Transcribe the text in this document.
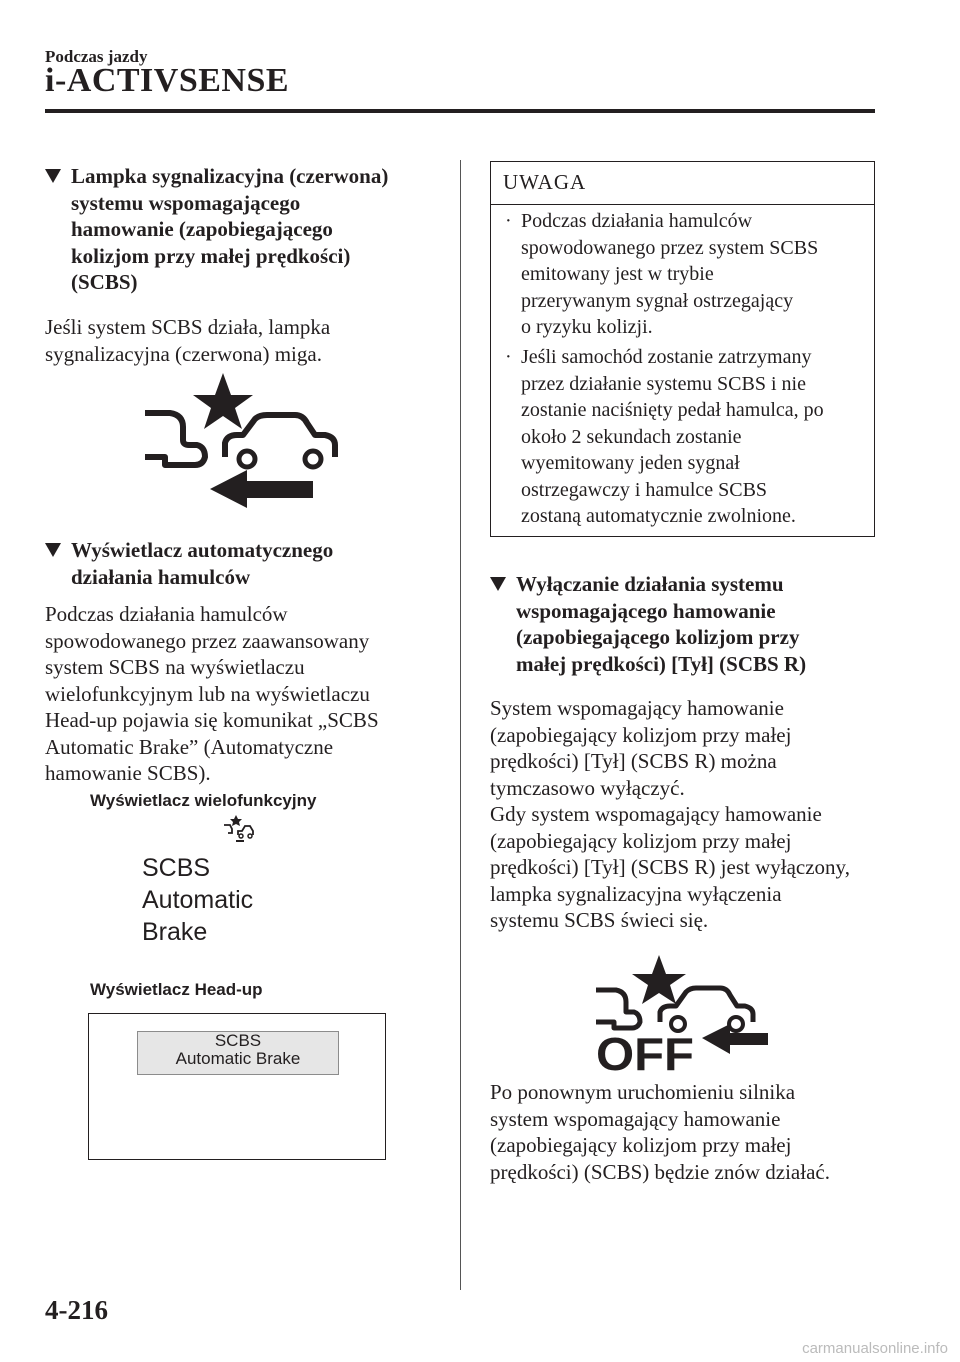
Podczas jazdy
i-ACTIVSENSE
Lampka sygnalizacyjna (czerwona)
systemu wspomagającego
hamowanie (zapobiegającego
kolizjom przy małej prędkości)
(SCBS)
Jeśli system SCBS działa, lampka
sygnalizacyjna (czerwona) miga.
Wyświetlacz automatycznego
działania hamulców
Podczas działania hamulców
spowodowanego przez zaawansowany
system SCBS na wyświetlaczu
wielofunkcyjnym lub na wyświetlaczu
Head-up pojawia się komunikat „SCBS
Automatic Brake” (Automatyczne
hamowanie SCBS).
Wyświetlacz wielofunkcyjny
SCBS
Automatic
Brake
Wyświetlacz Head-up
SCBS
Automatic Brake
UWAGA
· Podczas działania hamulców
spowodowanego przez system SCBS
emitowany jest w trybie
przerywanym sygnał ostrzegający
o ryzyku kolizji.
· Jeśli samochód zostanie zatrzymany
przez działanie systemu SCBS i nie
zostanie naciśnięty pedał hamulca, po
około 2 sekundach zostanie
wyemitowany jeden sygnał
ostrzegawczy i hamulce SCBS
zostaną automatycznie zwolnione.
Wyłączanie działania systemu
wspomagającego hamowanie
(zapobiegającego kolizjom przy
małej prędkości) [Tył] (SCBS R)
System wspomagający hamowanie
(zapobiegający kolizjom przy małej
prędkości) [Tył] (SCBS R) można
tymczasowo wyłączyć.
Gdy system wspomagający hamowanie
(zapobiegający kolizjom przy małej
prędkości) [Tył] (SCBS R) jest wyłączony,
lampka sygnalizacyjna wyłączenia
systemu SCBS świeci się.
OFF
Po ponownym uruchomieniu silnika
system wspomagający hamowanie
(zapobiegający kolizjom przy małej
prędkości) (SCBS) będzie znów działać.
4-216
carmanualsonline.info
